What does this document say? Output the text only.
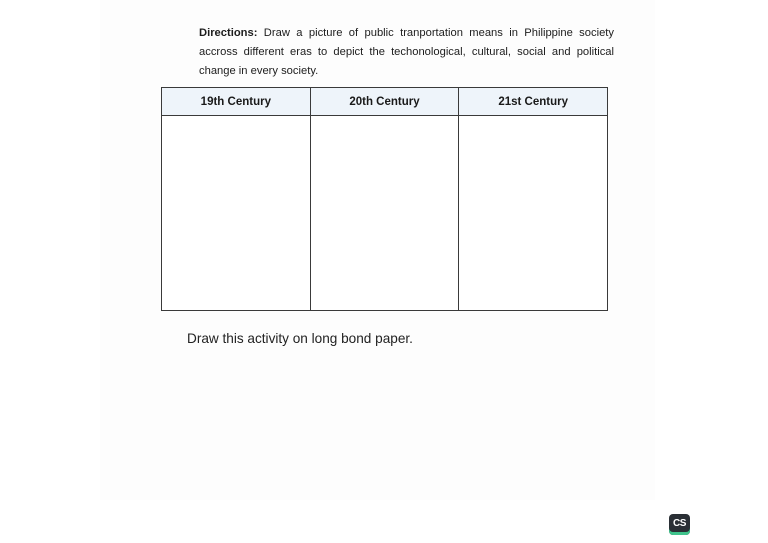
Directions: Draw a picture of public tranportation means in Philippine society accross different eras to depict the techonological, cultural, social and political change in every society.

19th Century	20th Century	21st Century

Draw this activity on long bond paper.
CS
